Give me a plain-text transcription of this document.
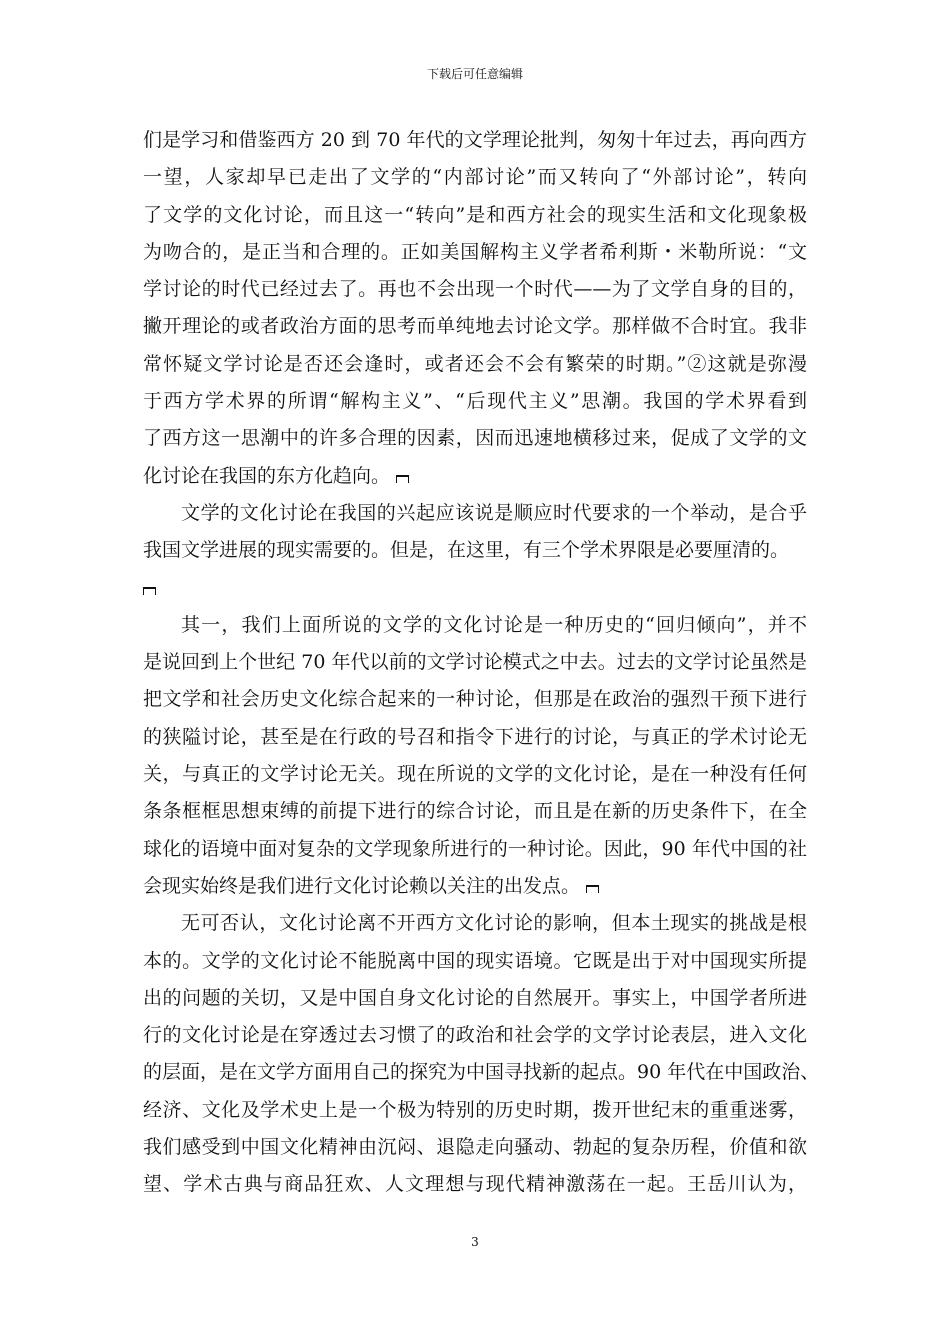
下载后可任意编辑
们是学习和借鉴西方 20 到 70 年代的文学理论批判，匆匆十年过去，再向西方
一望，人家却早已走出了文学的“内部讨论”而又转向了“外部讨论”，转向
了文学的文化讨论，而且这一“转向”是和西方社会的现实生活和文化现象极
为吻合的，是正当和合理的。正如美国解构主义学者希利斯・米勒所说：“文
学讨论的时代已经过去了。再也不会出现一个时代——为了文学自身的目的，
撇开理论的或者政治方面的思考而单纯地去讨论文学。那样做不合时宜。我非
常怀疑文学讨论是否还会逢时，或者还会不会有繁荣的时期。”②这就是弥漫
于西方学术界的所谓“解构主义”、“后现代主义”思潮。我国的学术界看到
了西方这一思潮中的许多合理的因素，因而迅速地横移过来，促成了文学的文
化讨论在我国的东方化趋向。
文学的文化讨论在我国的兴起应该说是顺应时代要求的一个举动，是合乎
我国文学进展的现实需要的。但是，在这里，有三个学术界限是必要厘清的。
其一，我们上面所说的文学的文化讨论是一种历史的“回归倾向”，并不
是说回到上个世纪 70 年代以前的文学讨论模式之中去。过去的文学讨论虽然是
把文学和社会历史文化综合起来的一种讨论，但那是在政治的强烈干预下进行
的狭隘讨论，甚至是在行政的号召和指令下进行的讨论，与真正的学术讨论无
关，与真正的文学讨论无关。现在所说的文学的文化讨论，是在一种没有任何
条条框框思想束缚的前提下进行的综合讨论，而且是在新的历史条件下，在全
球化的语境中面对复杂的文学现象所进行的一种讨论。因此，90 年代中国的社
会现实始终是我们进行文化讨论赖以关注的出发点。
无可否认，文化讨论离不开西方文化讨论的影响，但本土现实的挑战是根
本的。文学的文化讨论不能脱离中国的现实语境。它既是出于对中国现实所提
出的问题的关切，又是中国自身文化讨论的自然展开。事实上，中国学者所进
行的文化讨论是在穿透过去习惯了的政治和社会学的文学讨论表层，进入文化
的层面，是在文学方面用自己的探究为中国寻找新的起点。90 年代在中国政治、
经济、文化及学术史上是一个极为特别的历史时期，拨开世纪末的重重迷雾，
我们感受到中国文化精神由沉闷、退隐走向骚动、勃起的复杂历程，价值和欲
望、学术古典与商品狂欢、人文理想与现代精神激荡在一起。王岳川认为，
3
